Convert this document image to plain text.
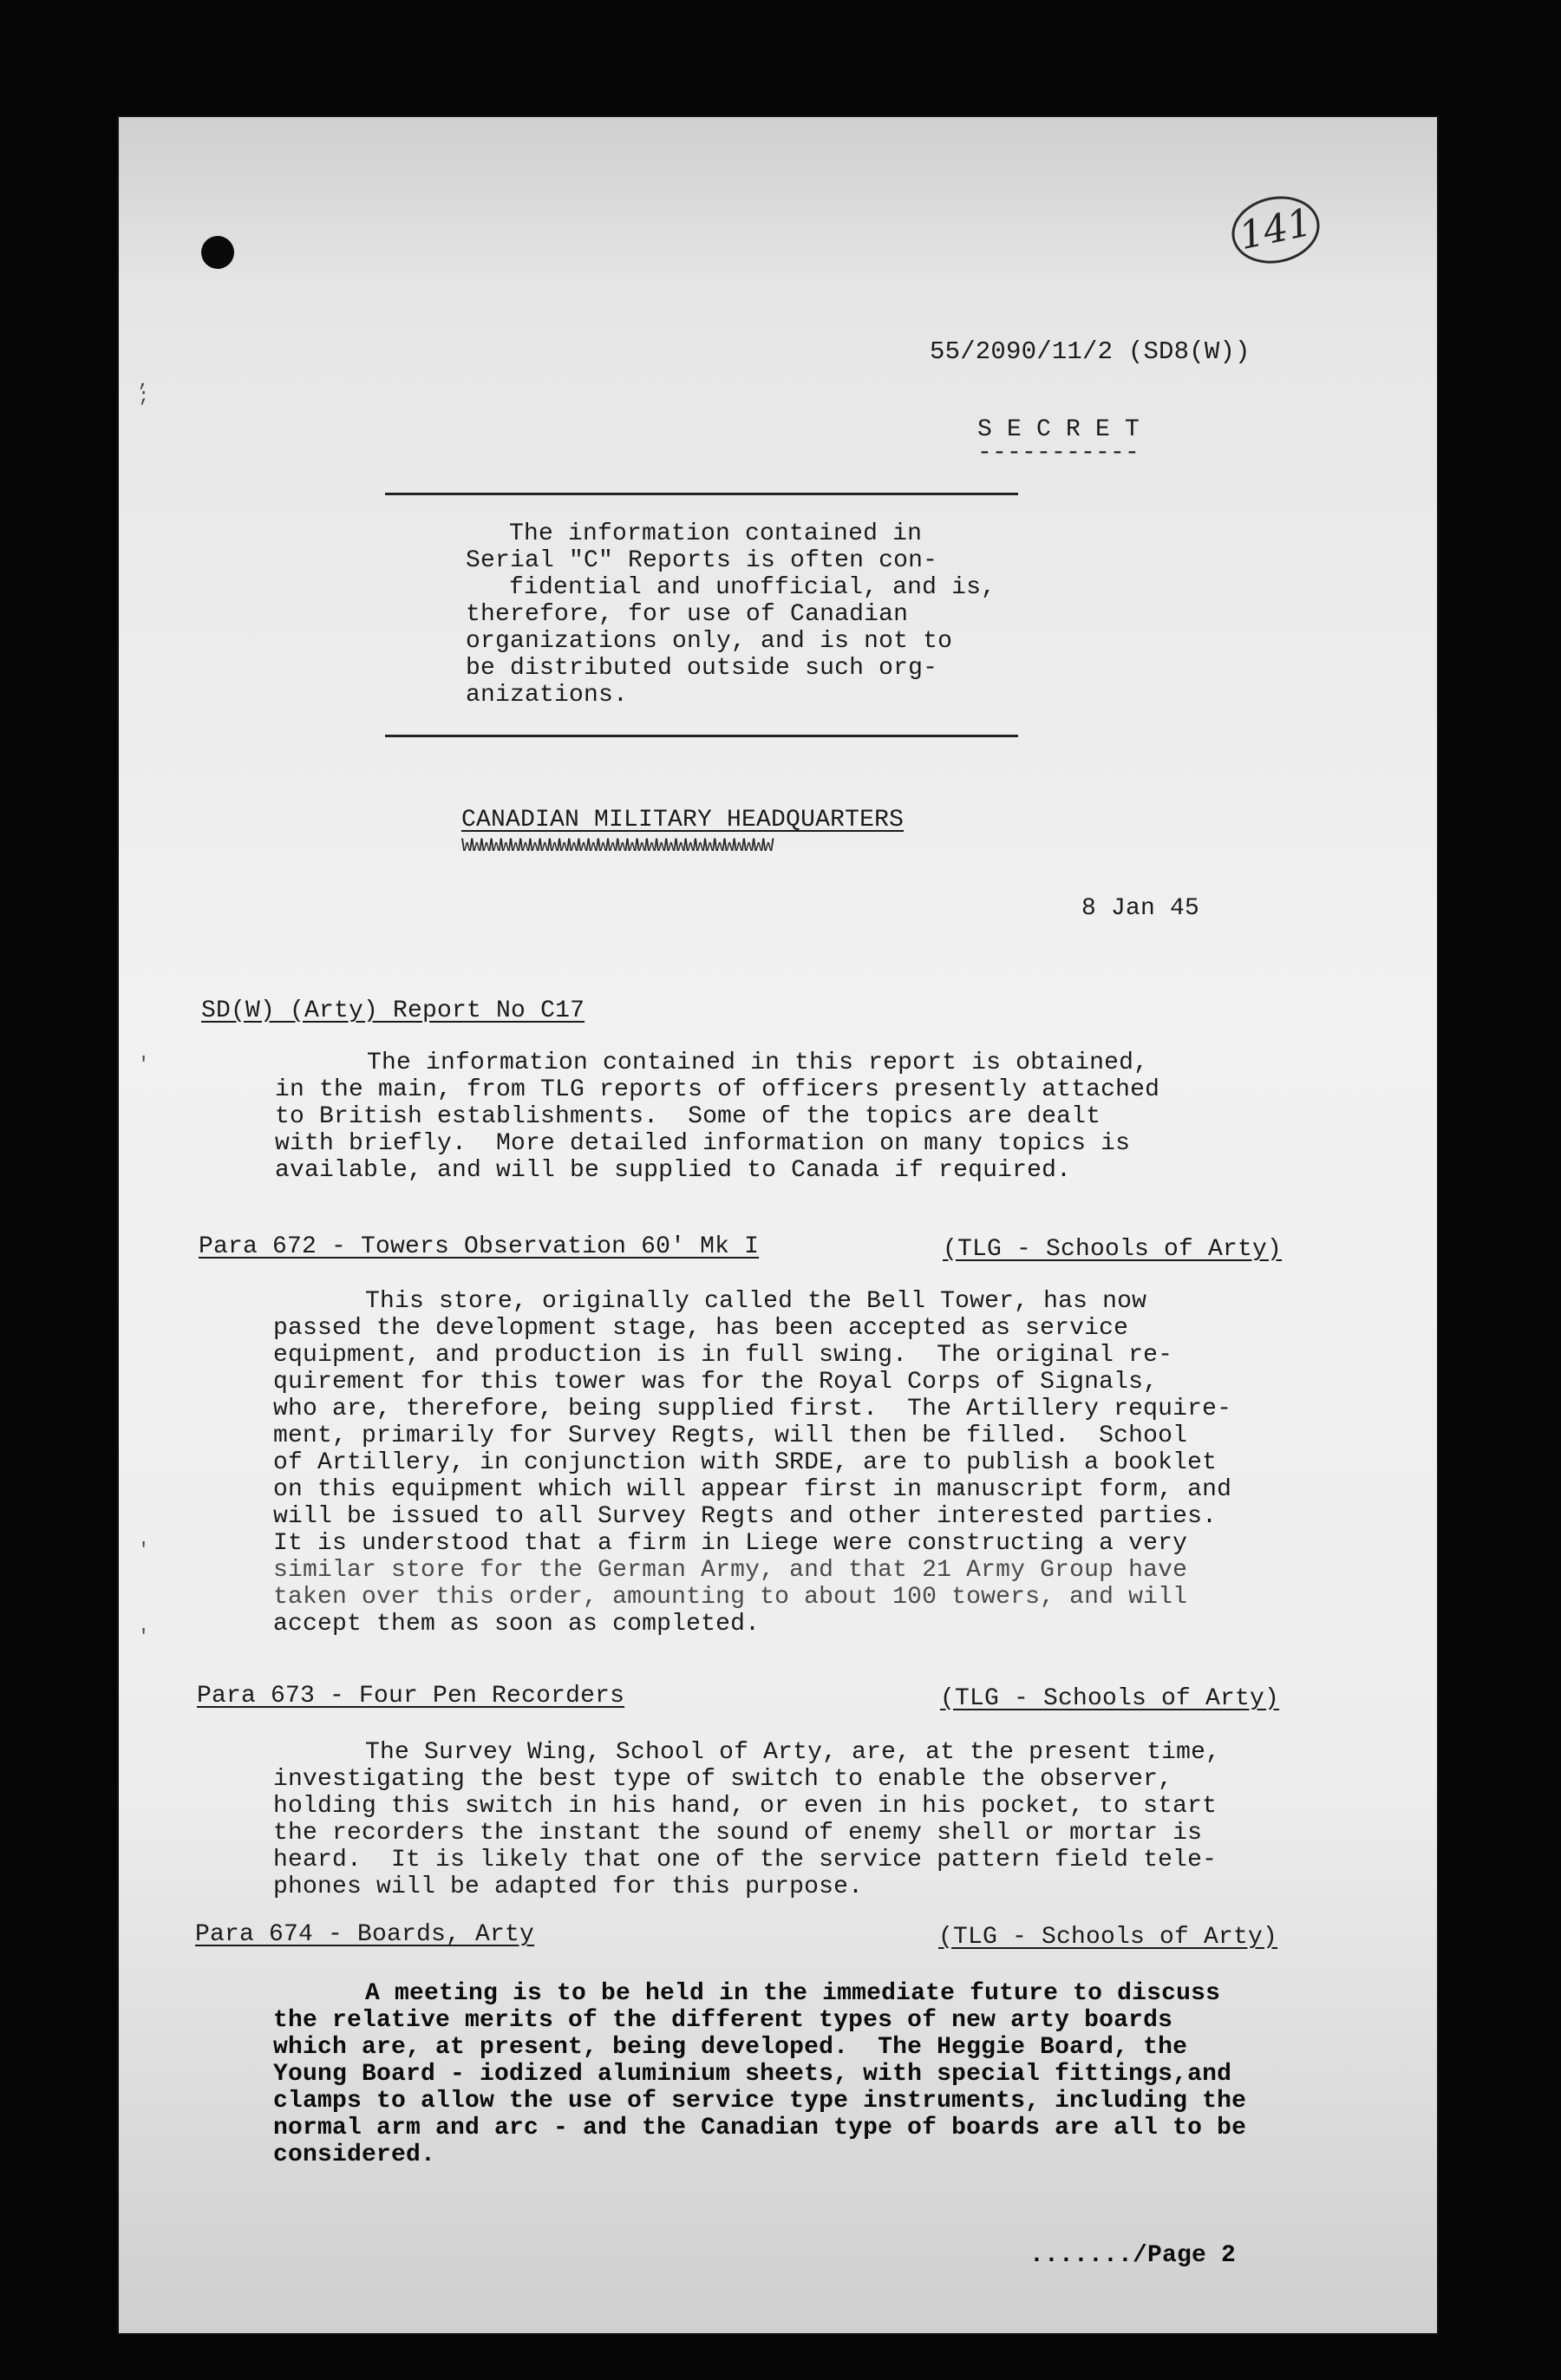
,
;
'
'
'
141
55/2090/11/2 (SD8(W))
S E C R E T
-----------
The information contained in
Serial "C" Reports is often con-
fidential and unofficial, and is,
therefore, for use of Canadian
organizations only, and is not to
be distributed outside such org-
anizations.
CANADIAN MILITARY HEADQUARTERS
WWWWWWWWWWWWWWWWWWWWWWWWWWWWWWWW
8 Jan 45
SD(W) (Arty) Report No C17
The information contained in this report is obtained,
in the main, from TLG reports of officers presently attached
to British establishments.  Some of the topics are dealt
with briefly.  More detailed information on many topics is
available, and will be supplied to Canada if required.
Para 672 - Towers Observation 60' Mk I	(TLG - Schools of Arty)
This store, originally called the Bell Tower, has now
passed the development stage, has been accepted as service
equipment, and production is in full swing.  The original re-
quirement for this tower was for the Royal Corps of Signals,
who are, therefore, being supplied first.  The Artillery require-
ment, primarily for Survey Regts, will then be filled.  School
of Artillery, in conjunction with SRDE, are to publish a booklet
on this equipment which will appear first in manuscript form, and
will be issued to all Survey Regts and other interested parties.
It is understood that a firm in Liege were constructing a very
similar store for the German Army, and that 21 Army Group have
taken over this order, amounting to about 100 towers, and will
accept them as soon as completed.
Para 673 - Four Pen Recorders	(TLG - Schools of Arty)
The Survey Wing, School of Arty, are, at the present time,
investigating the best type of switch to enable the observer,
holding this switch in his hand, or even in his pocket, to start
the recorders the instant the sound of enemy shell or mortar is
heard.  It is likely that one of the service pattern field tele-
phones will be adapted for this purpose.
Para 674 - Boards, Arty	(TLG - Schools of Arty)
A meeting is to be held in the immediate future to discuss
the relative merits of the different types of new arty boards
which are, at present, being developed.  The Heggie Board, the
Young Board - iodized aluminium sheets, with special fittings,and
clamps to allow the use of service type instruments, including the
normal arm and arc - and the Canadian type of boards are all to be
considered.
......./Page 2
